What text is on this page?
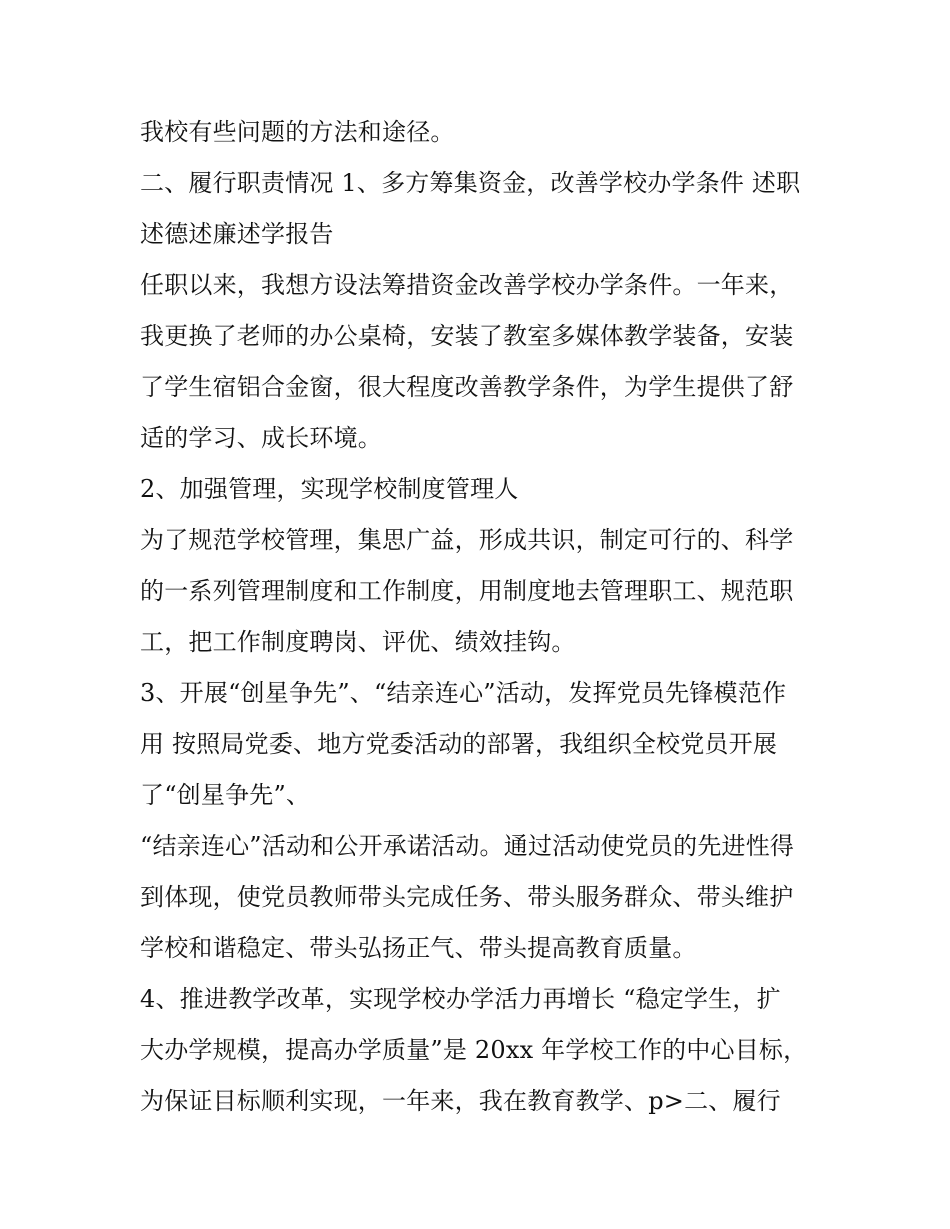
我校有些问题的方法和途径。
二、履行职责情况 1、多方筹集资金，改善学校办学条件 述职
述德述廉述学报告
任职以来，我想方设法筹措资金改善学校办学条件。一年来，
我更换了老师的办公桌椅，安装了教室多媒体教学装备，安装
了学生宿铝合金窗，很大程度改善教学条件，为学生提供了舒
适的学习、成长环境。
2、加强管理，实现学校制度管理人
为了规范学校管理，集思广益，形成共识，制定可行的、科学
的一系列管理制度和工作制度，用制度地去管理职工、规范职
工，把工作制度聘岗、评优、绩效挂钩。
3、开展“创星争先”、“结亲连心”活动，发挥党员先锋模范作
用 按照局党委、地方党委活动的部署，我组织全校党员开展
了“创星争先”、
“结亲连心”活动和公开承诺活动。通过活动使党员的先进性得
到体现，使党员教师带头完成任务、带头服务群众、带头维护
学校和谐稳定、带头弘扬正气、带头提高教育质量。
4、推进教学改革，实现学校办学活力再增长 “稳定学生，扩
大办学规模，提高办学质量”是 20xx 年学校工作的中心目标，
为保证目标顺利实现，一年来，我在教育教学、p>二、履行
